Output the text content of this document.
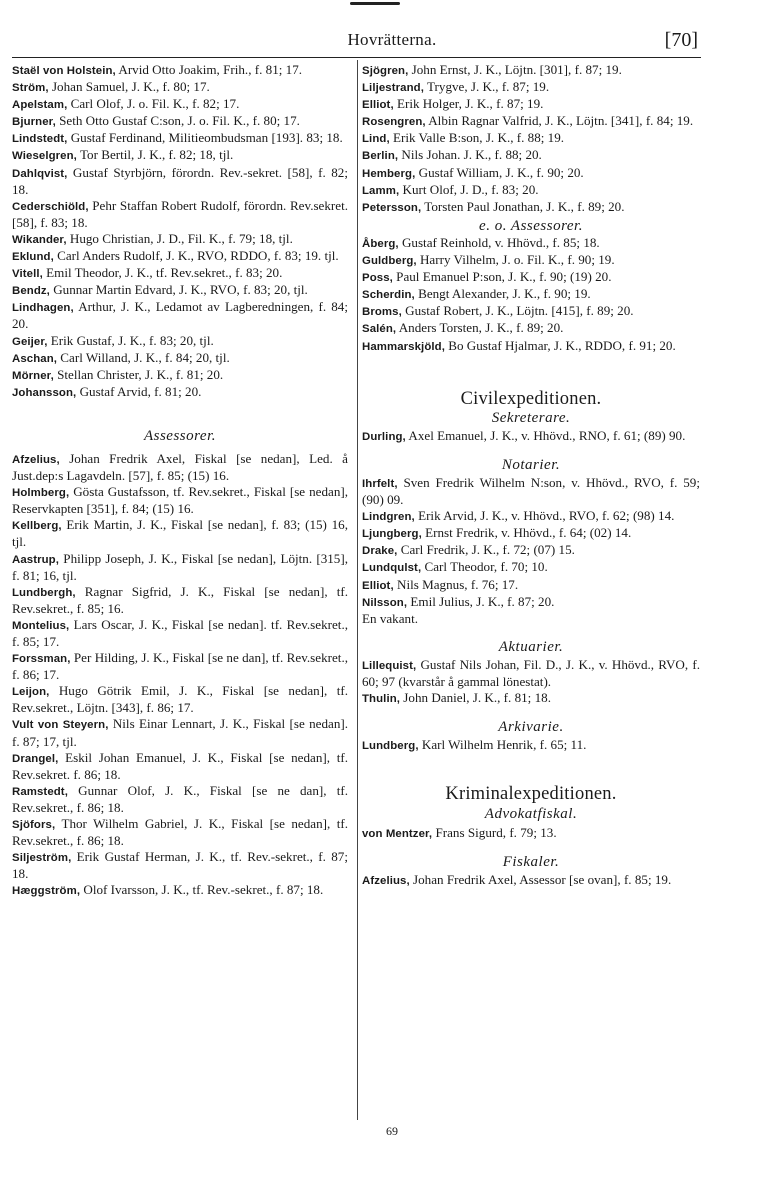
Hovrätterna.	[70]
Staël von Holstein, Arvid Otto Joakim, Frih., f. 81; 17.
Ström, Johan Samuel, J. K., f. 80; 17.
Apelstam, Carl Olof, J. o. Fil. K., f. 82; 17.
Bjurner, Seth Otto Gustaf C:son, J. o. Fil. K., f. 80; 17.
Lindstedt, Gustaf Ferdinand, Militieombudsman [193]. 83; 18.
Wieselgren, Tor Bertil, J. K., f. 82; 18, tjl.
Dahlqvist, Gustaf Styrbjörn, förordn. Rev.-sekret. [58], f. 82; 18.
Cederschiöld, Pehr Staffan Robert Rudolf, förordn. Rev.sekret. [58], f. 83; 18.
Wikander, Hugo Christian, J. D., Fil. K., f. 79; 18, tjl.
Eklund, Carl Anders Rudolf, J. K., RVO, RDDO, f. 83; 19. tjl.
Vitell, Emil Theodor, J. K., tf. Rev.sekret., f. 83; 20.
Bendz, Gunnar Martin Edvard, J. K., RVO, f. 83; 20, tjl.
Lindhagen, Arthur, J. K., Ledamot av Lagberedningen, f. 84; 20.
Geijer, Erik Gustaf, J. K., f. 83; 20, tjl.
Aschan, Carl Willand, J. K., f. 84; 20, tjl.
Mörner, Stellan Christer, J. K., f. 81; 20.
Johansson, Gustaf Arvid, f. 81; 20.
Assessorer.
Afzelius, Johan Fredrik Axel, Fiskal [se nedan], Led. å Just.dep:s Lagavdeln. [57], f. 85; (15) 16.
Holmberg, Gösta Gustafsson, tf. Rev.sekret., Fiskal [se nedan], Reservkapten [351], f. 84; (15) 16.
Kellberg, Erik Martin, J. K., Fiskal [se nedan], f. 83; (15) 16, tjl.
Aastrup, Philipp Joseph, J. K., Fiskal [se nedan], Löjtn. [315], f. 81; 16, tjl.
Lundbergh, Ragnar Sigfrid, J. K., Fiskal [se nedan], tf. Rev.sekret., f. 85; 16.
Montelius, Lars Oscar, J. K., Fiskal [se nedan]. tf. Rev.sekret., f. 85; 17.
Forssman, Per Hilding, J. K., Fiskal [se ne dan], tf. Rev.sekret., f. 86; 17.
Leijon, Hugo Götrik Emil, J. K., Fiskal [se nedan], tf. Rev.sekret., Löjtn. [343], f. 86; 17.
Vult von Steyern, Nils Einar Lennart, J. K., Fiskal [se nedan]. f. 87; 17, tjl.
Drangel, Eskil Johan Emanuel, J. K., Fiskal [se nedan], tf. Rev.sekret. f. 86; 18.
Ramstedt, Gunnar Olof, J. K., Fiskal [se ne dan], tf. Rev.sekret., f. 86; 18.
Sjöfors, Thor Wilhelm Gabriel, J. K., Fiskal [se nedan], tf. Rev.sekret., f. 86; 18.
Siljeström, Erik Gustaf Herman, J. K., tf. Rev.-sekret., f. 87; 18.
Hæggström, Olof Ivarsson, J. K., tf. Rev.-sekret., f. 87; 18.
Sjögren, John Ernst, J. K., Löjtn. [301], f. 87; 19.
Liljestrand, Trygve, J. K., f. 87; 19.
Elliot, Erik Holger, J. K., f. 87; 19.
Rosengren, Albin Ragnar Valfrid, J. K., Löjtn. [341], f. 84; 19.
Lind, Erik Valle B:son, J. K., f. 88; 19.
Berlin, Nils Johan. J. K., f. 88; 20.
Hemberg, Gustaf William, J. K., f. 90; 20.
Lamm, Kurt Olof, J. D., f. 83; 20.
Petersson, Torsten Paul Jonathan, J. K., f. 89; 20.
e. o. Assessorer.
Åberg, Gustaf Reinhold, v. Hhövd., f. 85; 18.
Guldberg, Harry Vilhelm, J. o. Fil. K., f. 90; 19.
Poss, Paul Emanuel P:son, J. K., f. 90; (19) 20.
Scherdin, Bengt Alexander, J. K., f. 90; 19.
Broms, Gustaf Robert, J. K., Löjtn. [415], f. 89; 20.
Salén, Anders Torsten, J. K., f. 89; 20.
Hammarskjöld, Bo Gustaf Hjalmar, J. K., RDDO, f. 91; 20.
Civilexpeditionen.
Sekreterare.
Durling, Axel Emanuel, J. K., v. Hhövd., RNO, f. 61; (89) 90.
Notarier.
Ihrfelt, Sven Fredrik Wilhelm N:son, v. Hhövd., RVO, f. 59; (90) 09.
Lindgren, Erik Arvid, J. K., v. Hhövd., RVO, f. 62; (98) 14.
Ljungberg, Ernst Fredrik, v. Hhövd., f. 64; (02) 14.
Drake, Carl Fredrik, J. K., f. 72; (07) 15.
Lundqulst, Carl Theodor, f. 70; 10.
Elliot, Nils Magnus, f. 76; 17.
Nilsson, Emil Julius, J. K., f. 87; 20.
En vakant.
Aktuarier.
Lillequist, Gustaf Nils Johan, Fil. D., J. K., v. Hhövd., RVO, f. 60; 97 (kvarstår å gammal lönestat).
Thulin, John Daniel, J. K., f. 81; 18.
Arkivarie.
Lundberg, Karl Wilhelm Henrik, f. 65; 11.
Kriminalexpeditionen.
Advokatfiskal.
von Mentzer, Frans Sigurd, f. 79; 13.
Fiskaler.
Afzelius, Johan Fredrik Axel, Assessor [se ovan], f. 85; 19.
69
